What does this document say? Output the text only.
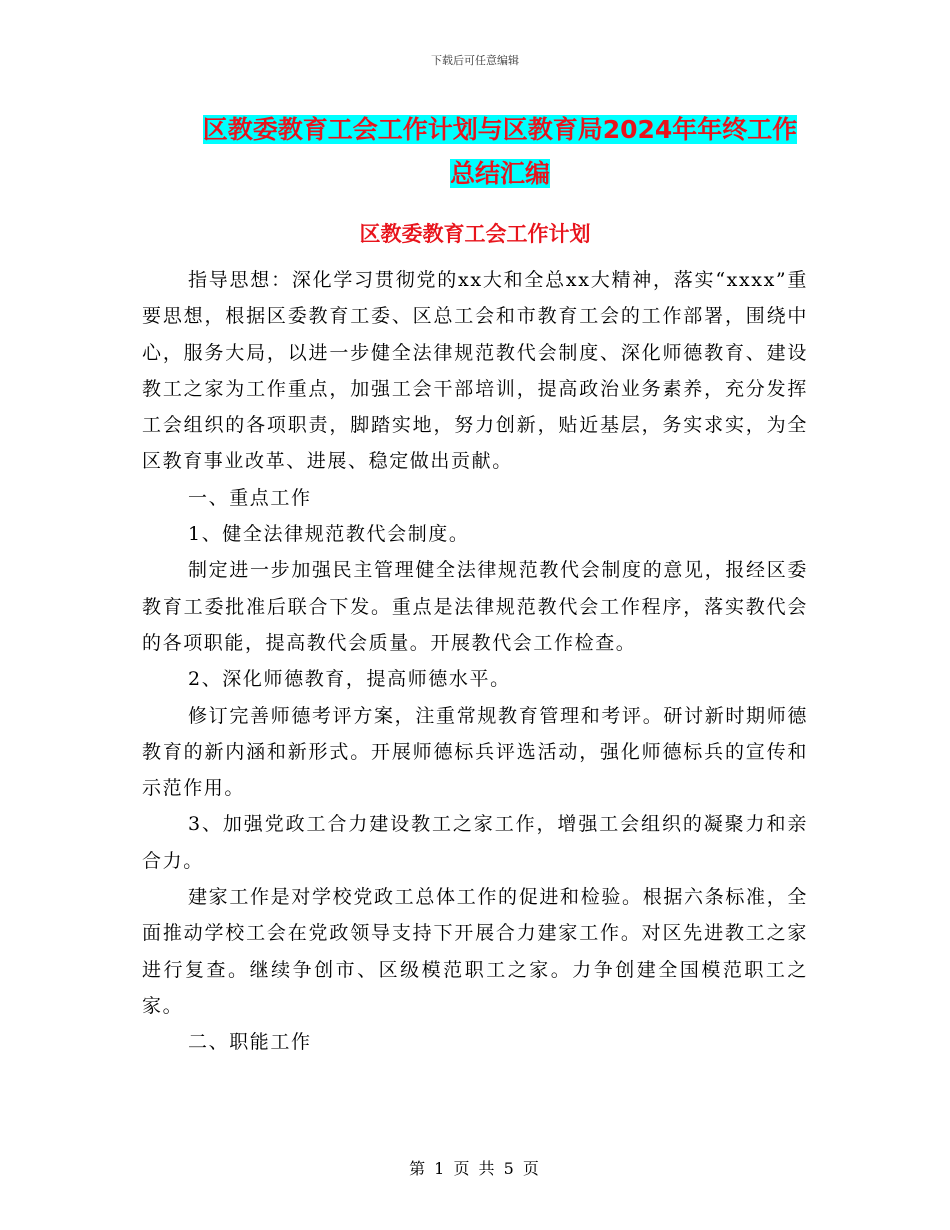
下载后可任意编辑
区教委教育工会工作计划与区教育局2024年年终工作
总结汇编
区教委教育工会工作计划

指导思想：深化学习贯彻党的xx大和全总xx大精神，落实“xxxx”重要思想，根据区委教育工委、区总工会和市教育工会的工作部署，围绕中心，服务大局，以进一步健全法律规范教代会制度、深化师德教育、建设教工之家为工作重点，加强工会干部培训，提高政治业务素养，充分发挥工会组织的各项职责，脚踏实地，努力创新，贴近基层，务实求实，为全区教育事业改革、进展、稳定做出贡献。

一、重点工作

1、健全法律规范教代会制度。

制定进一步加强民主管理健全法律规范教代会制度的意见，报经区委教育工委批准后联合下发。重点是法律规范教代会工作程序，落实教代会的各项职能，提高教代会质量。开展教代会工作检查。

2、深化师德教育，提高师德水平。

修订完善师德考评方案，注重常规教育管理和考评。研讨新时期师德教育的新内涵和新形式。开展师德标兵评选活动，强化师德标兵的宣传和示范作用。

3、加强党政工合力建设教工之家工作，增强工会组织的凝聚力和亲合力。

建家工作是对学校党政工总体工作的促进和检验。根据六条标准，全面推动学校工会在党政领导支持下开展合力建家工作。对区先进教工之家进行复查。继续争创市、区级模范职工之家。力争创建全国模范职工之家。

二、职能工作

第 1 页 共 5 页
